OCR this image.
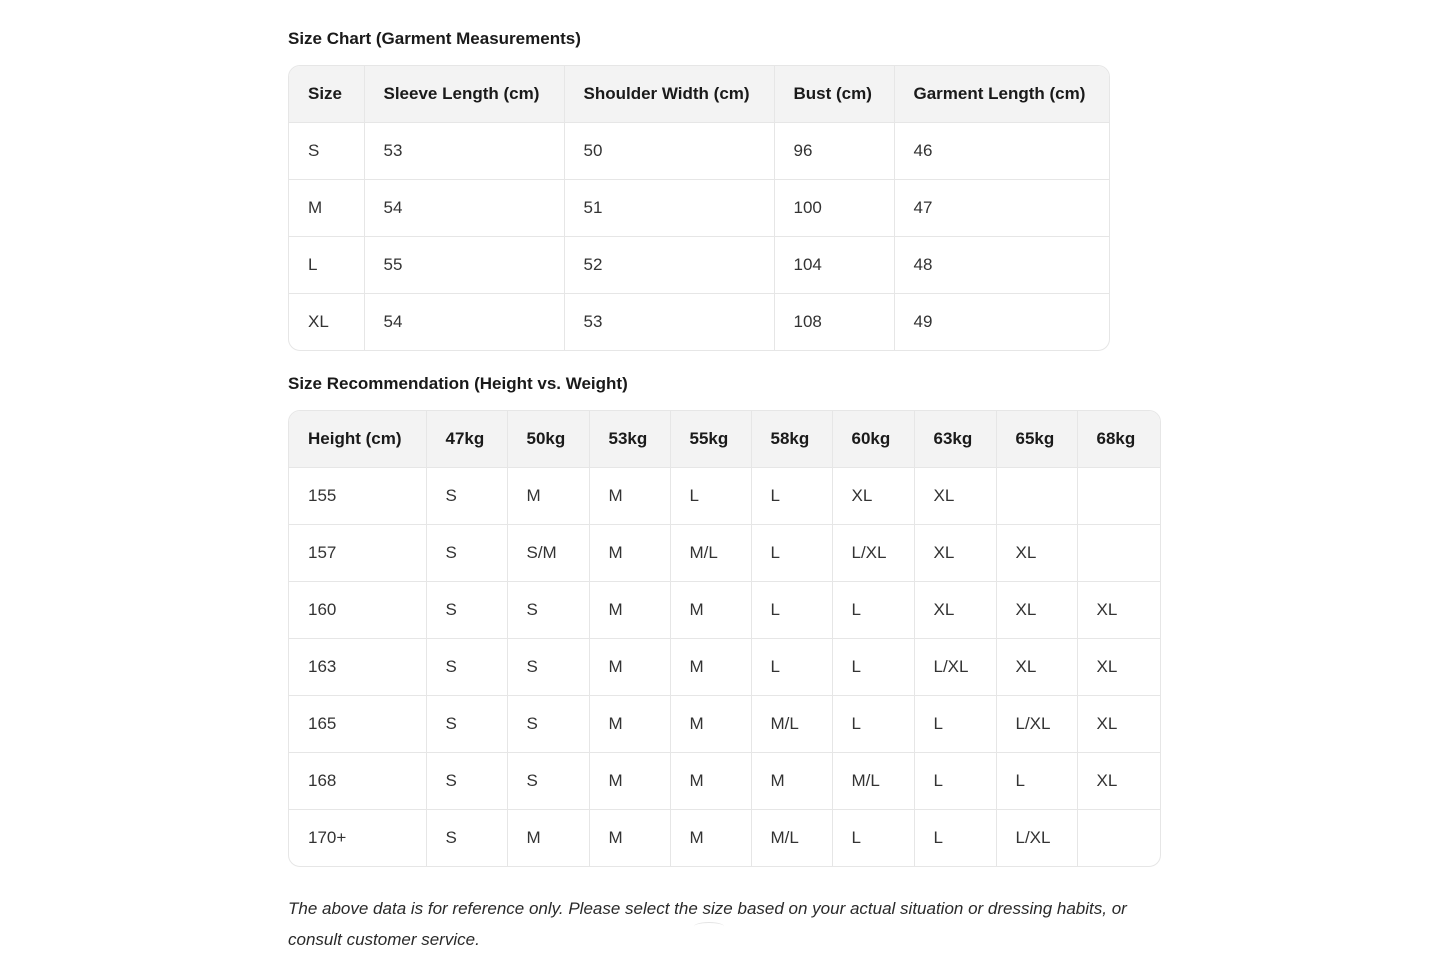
Size Chart (Garment Measurements)
Size	Sleeve Length (cm)	Shoulder Width (cm)	Bust (cm)	Garment Length (cm)
S	53	50	96	46
M	54	51	100	47
L	55	52	104	48
XL	54	53	108	49
Size Recommendation (Height vs. Weight)
Height (cm)	47kg	50kg	53kg	55kg	58kg	60kg	63kg	65kg	68kg
155	S	M	M	L	L	XL	XL		
157	S	S/M	M	M/L	L	L/XL	XL	XL	
160	S	S	M	M	L	L	XL	XL	XL
163	S	S	M	M	L	L	L/XL	XL	XL
165	S	S	M	M	M/L	L	L	L/XL	XL
168	S	S	M	M	M	M/L	L	L	XL
170+	S	M	M	M	M/L	L	L	L/XL	

The above data is for reference only. Please select the size based on your actual situation or dressing habits, or consult customer service.
